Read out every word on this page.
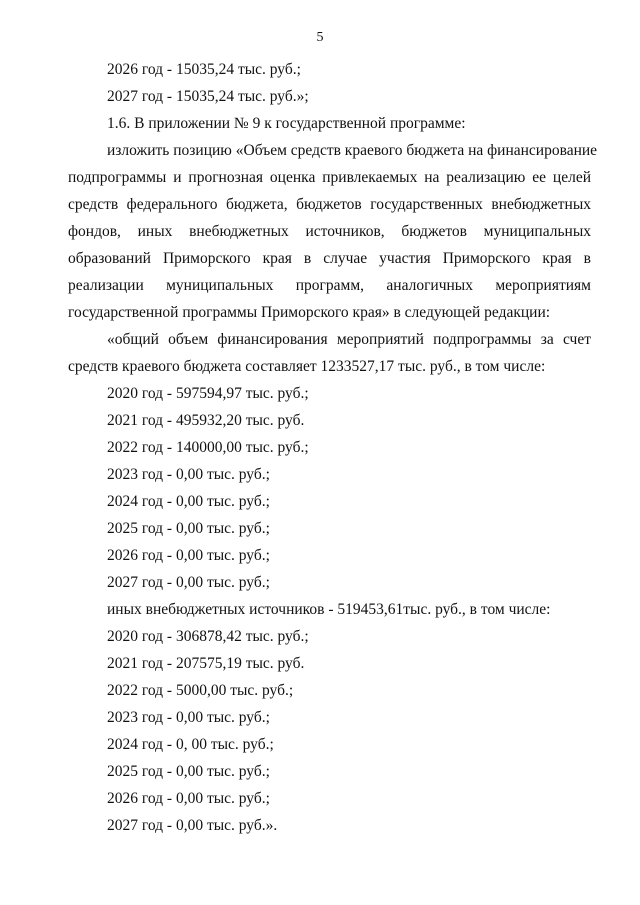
5
2026 год - 15035,24 тыс. руб.;
2027 год - 15035,24 тыс. руб.»;
1.6. В приложении № 9 к государственной программе:
изложить позицию «Объем средств краевого бюджета на финансирование
подпрограммы и прогнозная оценка привлекаемых на реализацию ее целей
средств федерального бюджета, бюджетов государственных внебюджетных
фондов, иных внебюджетных источников, бюджетов муниципальных
образований Приморского края в случае участия Приморского края в
реализации муниципальных программ, аналогичных мероприятиям
государственной программы Приморского края» в следующей редакции:
«общий объем финансирования мероприятий подпрограммы за счет
средств краевого бюджета составляет 1233527,17 тыс. руб., в том числе:
2020 год - 597594,97 тыс. руб.;
2021 год - 495932,20 тыс. руб.
2022 год - 140000,00 тыс. руб.;
2023 год - 0,00 тыс. руб.;
2024 год - 0,00 тыс. руб.;
2025 год - 0,00 тыс. руб.;
2026 год - 0,00 тыс. руб.;
2027 год - 0,00 тыс. руб.;
иных внебюджетных источников - 519453,61тыс. руб., в том числе:
2020 год - 306878,42 тыс. руб.;
2021 год - 207575,19 тыс. руб.
2022 год - 5000,00 тыс. руб.;
2023 год - 0,00 тыс. руб.;
2024 год - 0, 00 тыс. руб.;
2025 год - 0,00 тыс. руб.;
2026 год - 0,00 тыс. руб.;
2027 год - 0,00 тыс. руб.».
